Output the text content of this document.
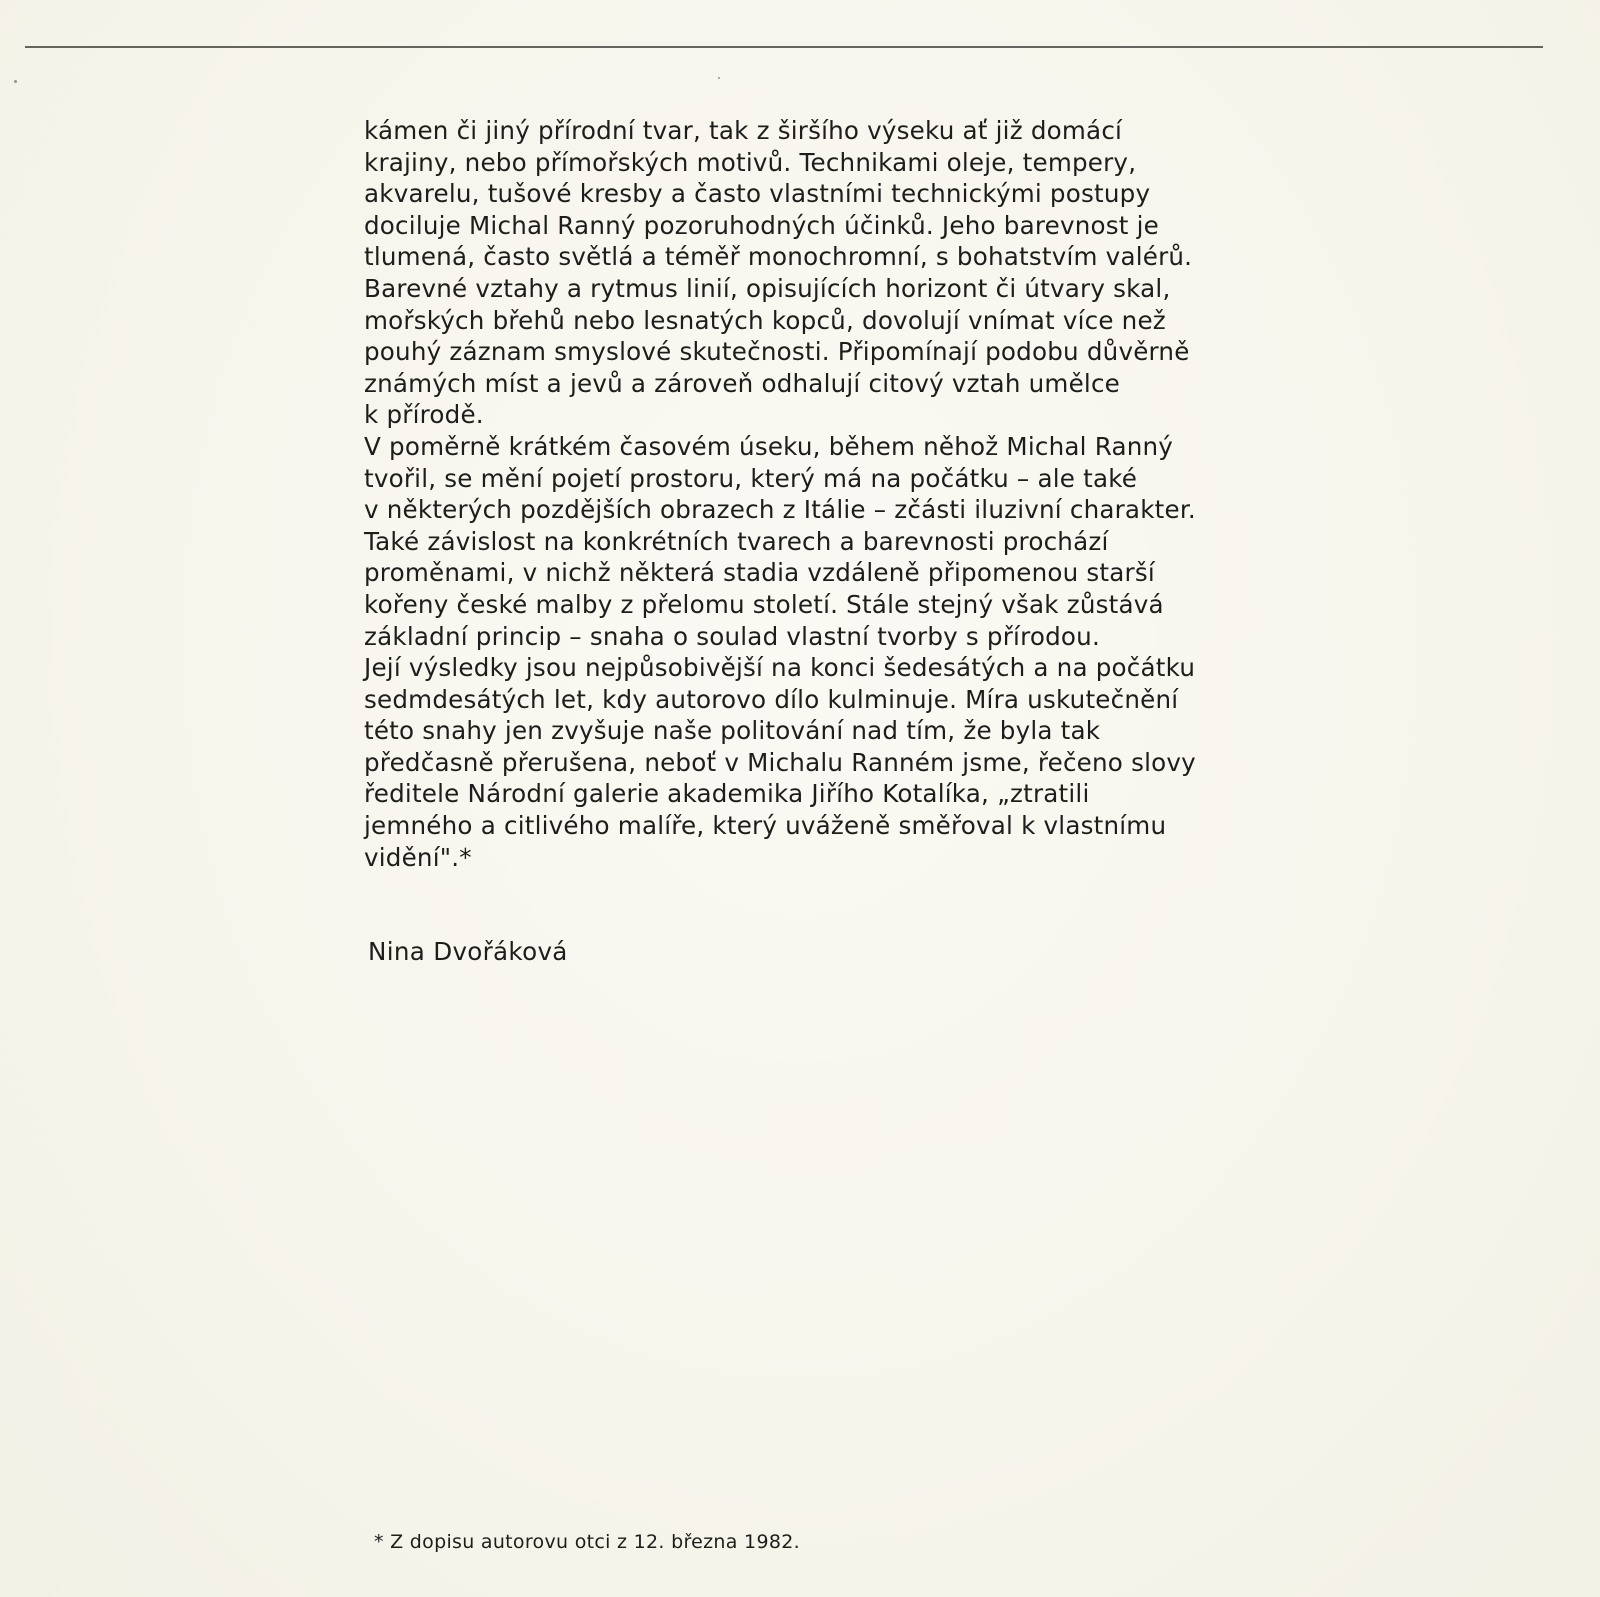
kámen či jiný přírodní tvar, tak z širšího výseku ať již domácí

krajiny, nebo přímořských motivů. Technikami oleje, tempery,

akvarelu, tušové kresby a často vlastními technickými postupy

dociluje Michal Ranný pozoruhodných účinků. Jeho barevnost je

tlumená, často světlá a téměř monochromní, s bohatstvím valérů.

Barevné vztahy a rytmus linií, opisujících horizont či útvary skal,

mořských břehů nebo lesnatých kopců, dovolují vnímat více než

pouhý záznam smyslové skutečnosti. Připomínají podobu důvěrně

známých míst a jevů a zároveň odhalují citový vztah umělce

k přírodě.

V poměrně krátkém časovém úseku, během něhož Michal Ranný

tvořil, se mění pojetí prostoru, který má na počátku – ale také

v některých pozdějších obrazech z Itálie – zčásti iluzivní charakter.

Také závislost na konkrétních tvarech a barevnosti prochází

proměnami, v nichž některá stadia vzdáleně připomenou starší

kořeny české malby z přelomu století. Stále stejný však zůstává

základní princip – snaha o soulad vlastní tvorby s přírodou.

Její výsledky jsou nejpůsobivější na konci šedesátých a na počátku

sedmdesátých let, kdy autorovo dílo kulminuje. Míra uskutečnění

této snahy jen zvyšuje naše politování nad tím, že byla tak

předčasně přerušena, neboť v Michalu Ranném jsme, řečeno slovy

ředitele Národní galerie akademika Jiřího Kotalíka, „ztratili

jemného a citlivého malíře, který uváženě směřoval k vlastnímu

vidění".*

Nina Dvořáková
* Z dopisu autorovu otci z 12. března 1982.
